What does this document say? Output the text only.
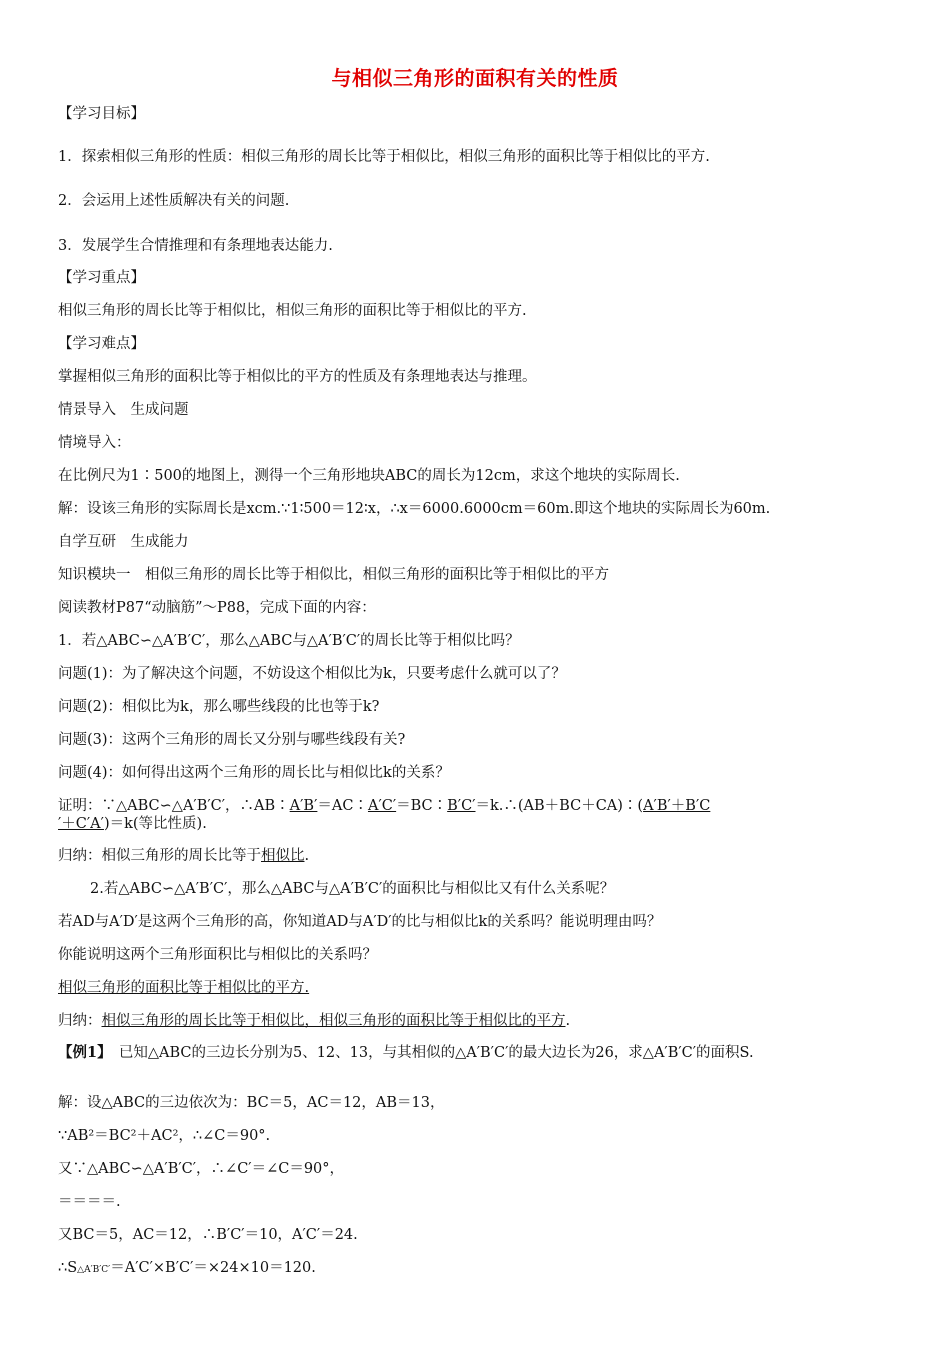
与相似三角形的面积有关的性质
【学习目标】
1．探索相似三角形的性质：相似三角形的周长比等于相似比，相似三角形的面积比等于相似比的平方.
2．会运用上述性质解决有关的问题.
3．发展学生合情推理和有条理地表达能力.
【学习重点】
相似三角形的周长比等于相似比，相似三角形的面积比等于相似比的平方.
【学习难点】
掌握相似三角形的面积比等于相似比的平方的性质及有条理地表达与推理。
情景导入　生成问题
情境导入：
在比例尺为1∶500的地图上，测得一个三角形地块ABC的周长为12cm，求这个地块的实际周长.
解：设该三角形的实际周长是xcm.∵1∶500＝12∶x，∴x＝6000.6000cm＝60m.即这个地块的实际周长为60m.
自学互研　生成能力
知识模块一　相似三角形的周长比等于相似比，相似三角形的面积比等于相似比的平方
阅读教材P87“动脑筋”～P88，完成下面的内容：
1．若△ABC∽△A′B′C′，那么△ABC与△A′B′C′的周长比等于相似比吗？
问题(1)：为了解决这个问题，不妨设这个相似比为k，只要考虑什么就可以了？
问题(2)：相似比为k，那么哪些线段的比也等于k?
问题(3)：这两个三角形的周长又分别与哪些线段有关?
问题(4)：如何得出这两个三角形的周长比与相似比k的关系？
证明：∵△ABC∽△A′B′C′，∴AB∶A′B′＝AC∶A′C′＝BC∶B′C′＝k.∴(AB＋BC＋CA)∶(A′B′＋B′C
′＋C′A′)＝k(等比性质).
归纳：相似三角形的周长比等于相似比.
2.若△ABC∽△A′B′C′，那么△ABC与△A′B′C′的面积比与相似比又有什么关系呢？
若AD与A′D′是这两个三角形的高，你知道AD与A′D′的比与相似比k的关系吗？能说明理由吗？
你能说明这两个三角形面积比与相似比的关系吗？
相似三角形的面积比等于相似比的平方.
归纳：相似三角形的周长比等于相似比，相似三角形的面积比等于相似比的平方.
【例1】　已知△ABC的三边长分别为5、12、13，与其相似的△A′B′C′的最大边长为26，求△A′B′C′的面积S.
解：设△ABC的三边依次为：BC＝5，AC＝12，AB＝13，
∵AB²＝BC²＋AC²，∴∠C＝90°.
又∵△ABC∽△A′B′C′，∴∠C′＝∠C＝90°，
＝＝＝＝.
又BC＝5，AC＝12，∴B′C′＝10，A′C′＝24.
∴S△A′B′C′＝A′C′×B′C′＝×24×10＝120.
